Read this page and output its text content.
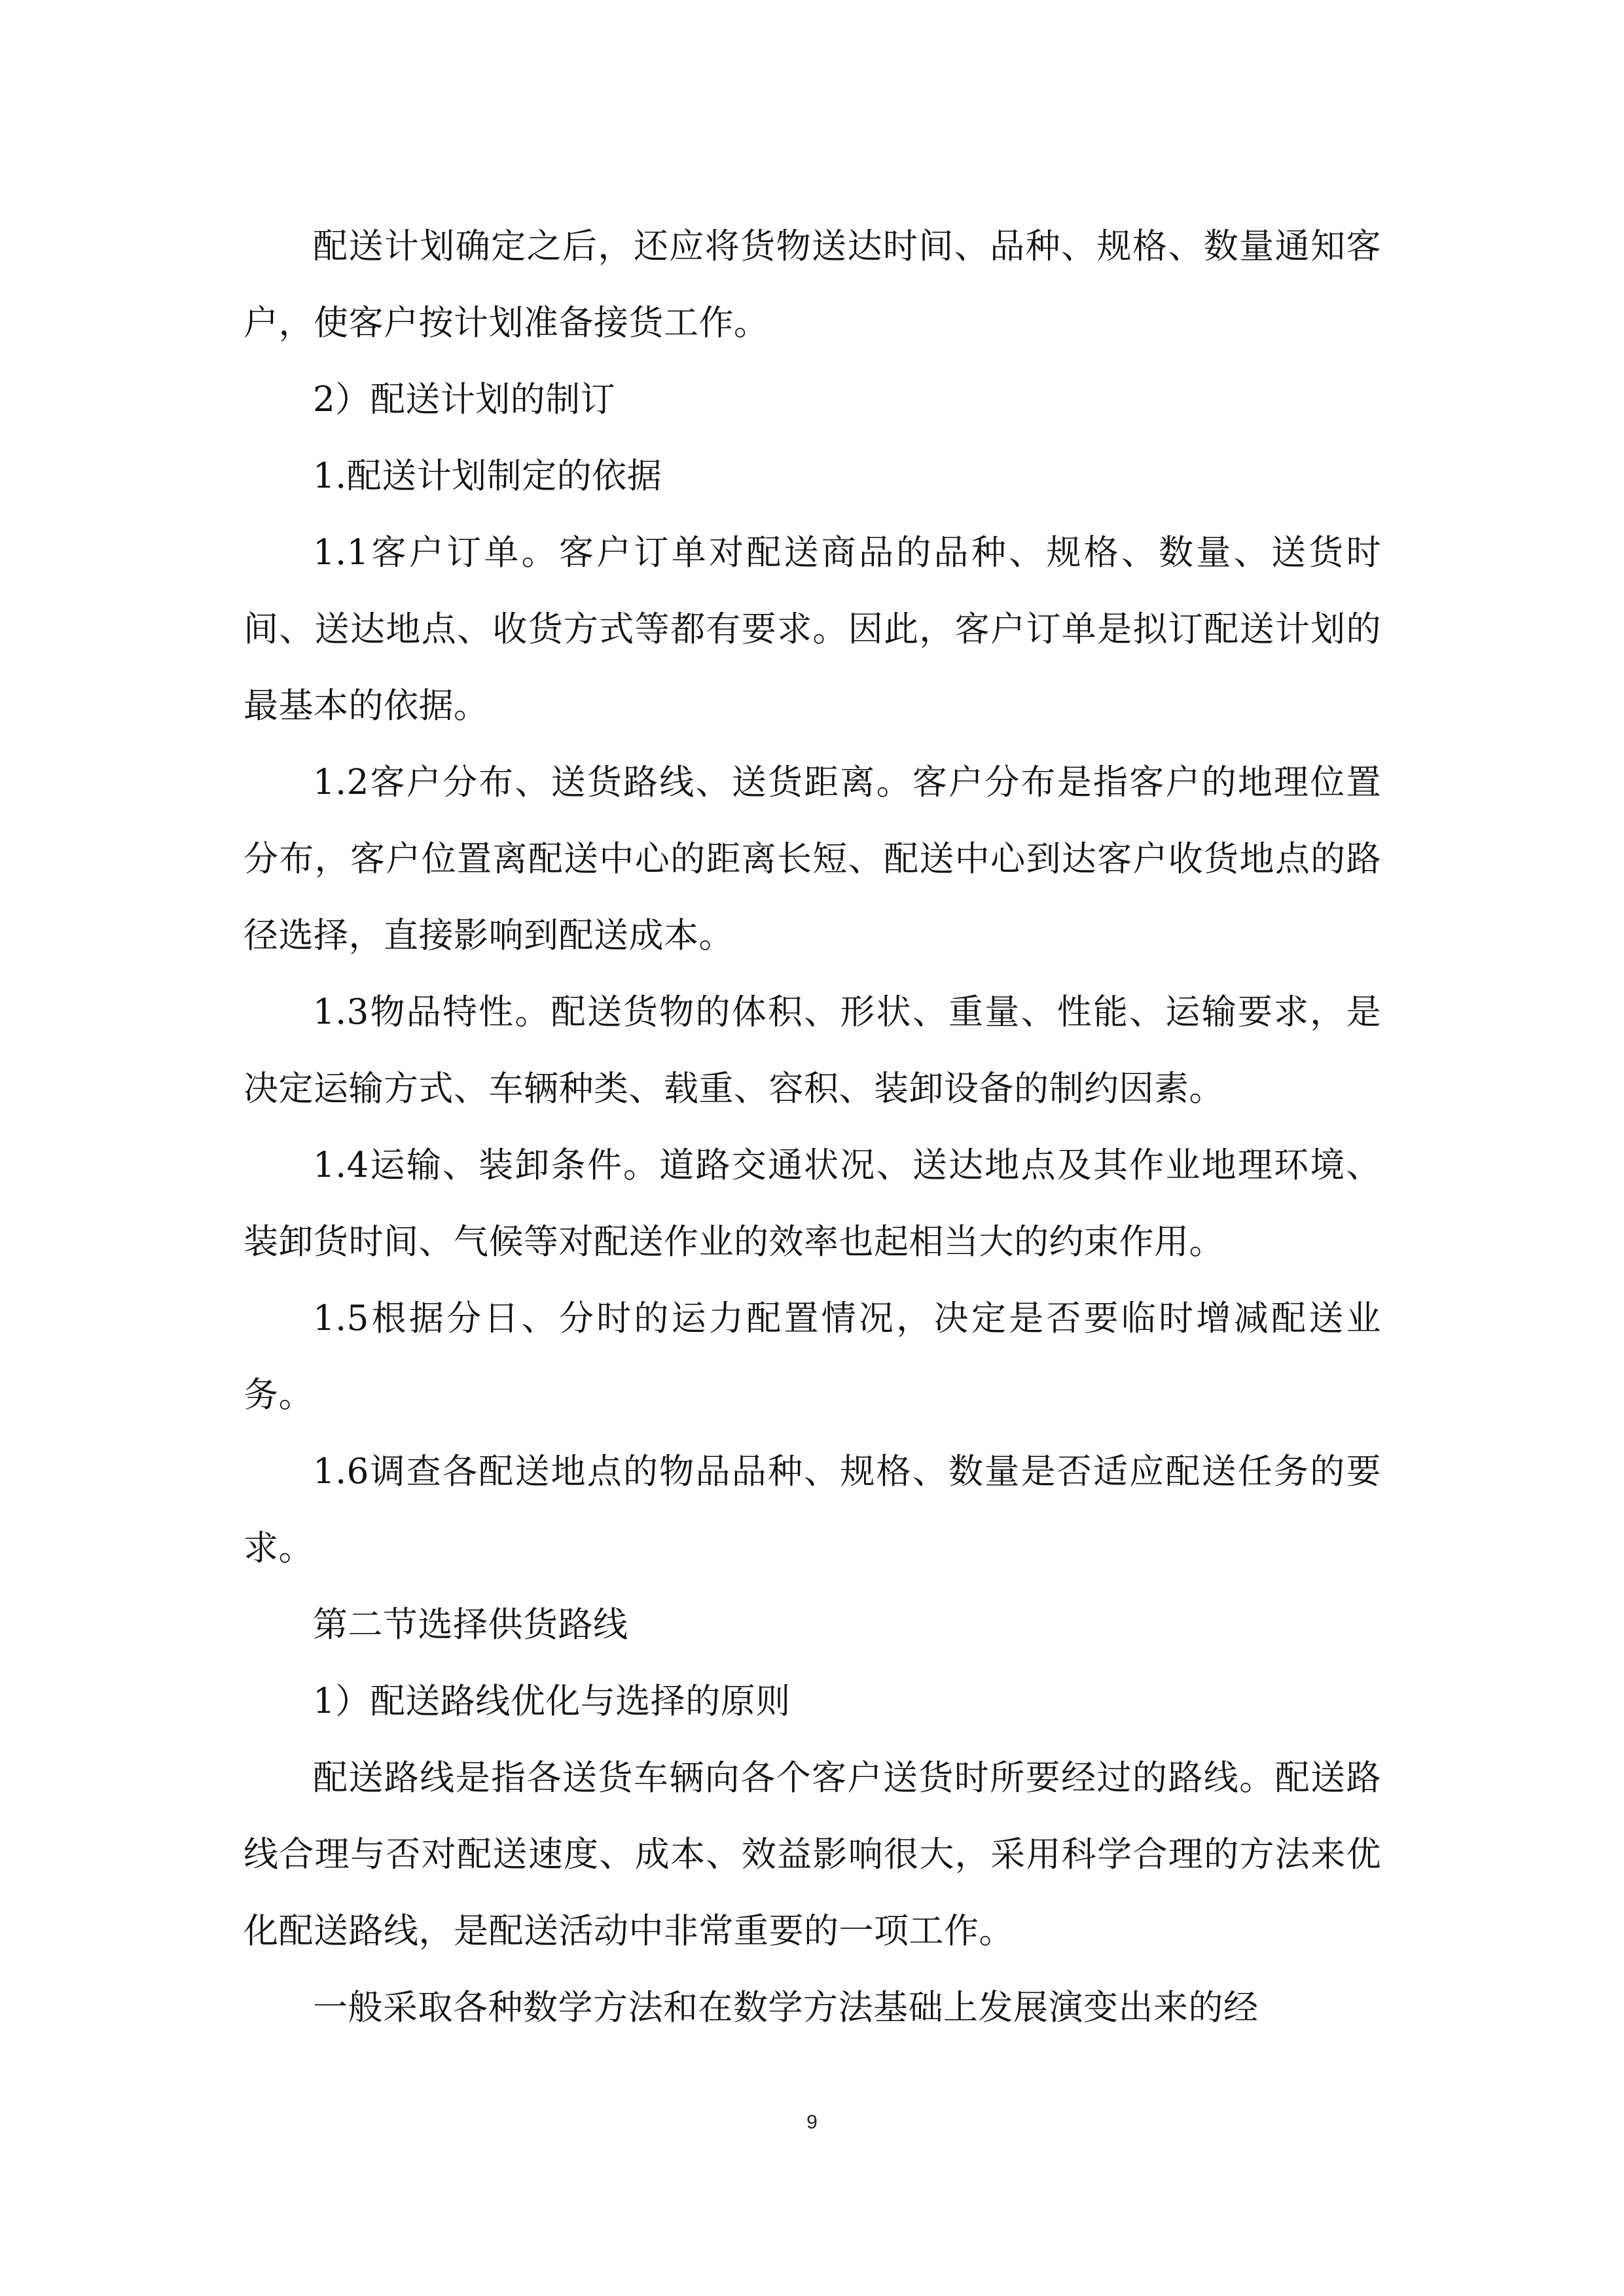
配送计划确定之后，还应将货物送达时间、品种、规格、数量通知客户，使客户按计划准备接货工作。

2）配送计划的制订

1.配送计划制定的依据

1.1客户订单。客户订单对配送商品的品种、规格、数量、送货时间、送达地点、收货方式等都有要求。因此，客户订单是拟订配送计划的最基本的依据。

1.2客户分布、送货路线、送货距离。客户分布是指客户的地理位置分布，客户位置离配送中心的距离长短、配送中心到达客户收货地点的路径选择，直接影响到配送成本。

1.3物品特性。配送货物的体积、形状、重量、性能、运输要求，是决定运输方式、车辆种类、载重、容积、装卸设备的制约因素。

1.4运输、装卸条件。道路交通状况、送达地点及其作业地理环境、装卸货时间、气候等对配送作业的效率也起相当大的约束作用。

1.5根据分日、分时的运力配置情况，决定是否要临时增减配送业务。

1.6调查各配送地点的物品品种、规格、数量是否适应配送任务的要求。

第二节选择供货路线

1）配送路线优化与选择的原则

配送路线是指各送货车辆向各个客户送货时所要经过的路线。配送路线合理与否对配送速度、成本、效益影响很大，采用科学合理的方法来优化配送路线，是配送活动中非常重要的一项工作。

一般采取各种数学方法和在数学方法基础上发展演变出来的经

9
